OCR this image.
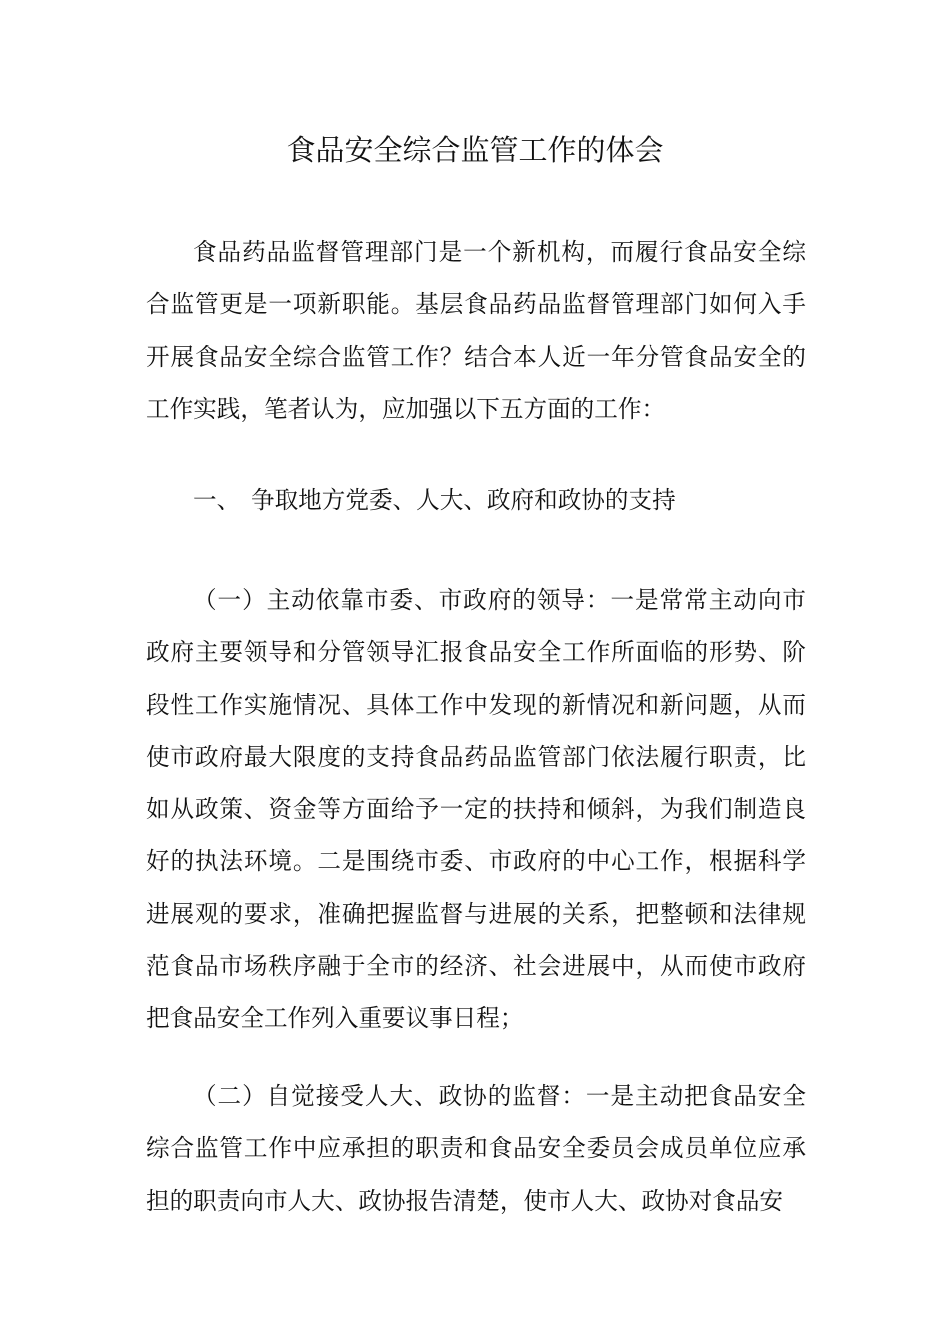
食品安全综合监管工作的体会

食品药品监督管理部门是一个新机构，而履行食品安全综合监管更是一项新职能。基层食品药品监督管理部门如何入手开展食品安全综合监管工作？结合本人近一年分管食品安全的工作实践，笔者认为，应加强以下五方面的工作：

一、 争取地方党委、人大、政府和政协的支持

（一）主动依靠市委、市政府的领导：一是常常主动向市政府主要领导和分管领导汇报食品安全工作所面临的形势、阶段性工作实施情况、具体工作中发现的新情况和新问题，从而使市政府最大限度的支持食品药品监管部门依法履行职责，比如从政策、资金等方面给予一定的扶持和倾斜，为我们制造良好的执法环境。二是围绕市委、市政府的中心工作，根据科学进展观的要求，准确把握监督与进展的关系，把整顿和法律规范食品市场秩序融于全市的经济、社会进展中，从而使市政府把食品安全工作列入重要议事日程；

（二）自觉接受人大、政协的监督：一是主动把食品安全综合监管工作中应承担的职责和食品安全委员会成员单位应承担的职责向市人大、政协报告清楚，使市人大、政协对食品安
